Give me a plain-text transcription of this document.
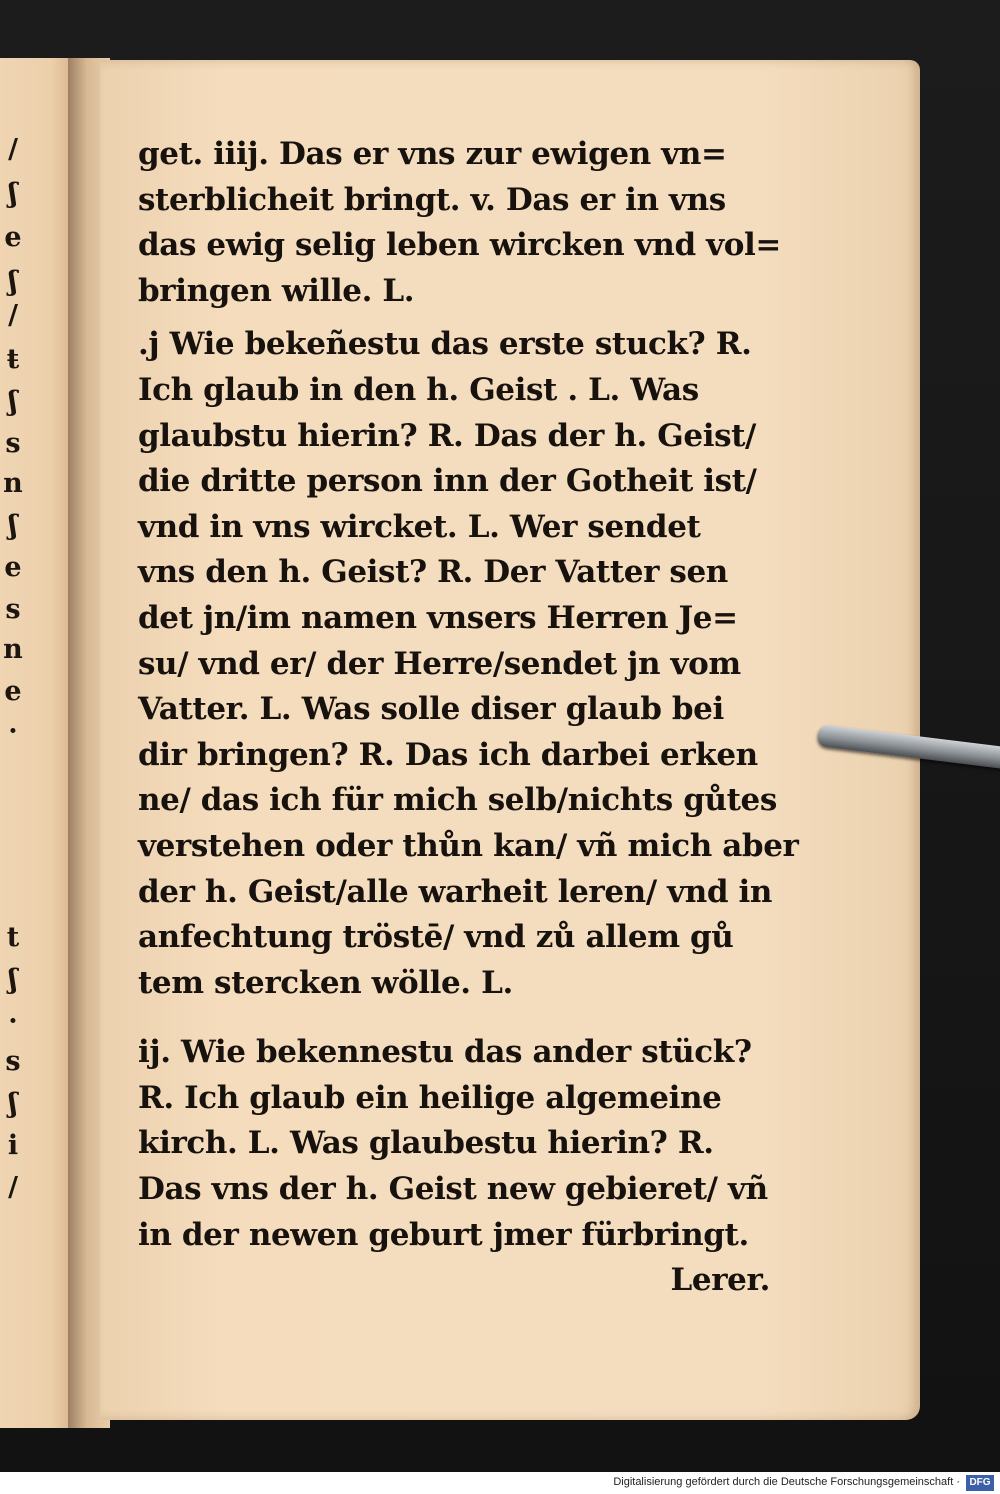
/
ʃ
e
ʃ
/
ŧ
ʃ
s
n
ʃ
e
s
n
e
·
t
ʃ
·
s
ʃ
i
/
get. iiij. Das er vns zur ewigen vn=
sterblicheit bringt. v. Das er in vns
das ewig selig leben wircken vnd vol=
bringen wille. L.
.j Wie bekeñestu das erste stuck? R.
Ich glaub in den h. Geist . L. Was
glaubstu hierin? R. Das der h. Geist/
die dritte person inn der Gotheit ist/
vnd in vns wircket. L. Wer sendet
vns den h. Geist? R. Der Vatter sen
det jn/im namen vnsers Herren Je=
su/ vnd er/ der Herre/sendet jn vom
Vatter. L. Was solle diser glaub bei
dir bringen? R. Das ich darbei erken
ne/ das ich für mich selb/nichts gůtes
verstehen oder thůn kan/ vñ mich aber
der h. Geist/alle warheit leren/ vnd in
anfechtung tröstē/ vnd zů allem gů
tem stercken wölle. L.
ij. Wie bekennestu das ander stück?
R. Ich glaub ein heilige algemeine
kirch. L. Was glaubestu hierin? R.
Das vns der h. Geist new gebieret/ vñ
in der newen geburt jmer fürbringt.
Lerer.
Digitalisierung gefördert durch die Deutsche Forschungsgemeinschaft · DFG
